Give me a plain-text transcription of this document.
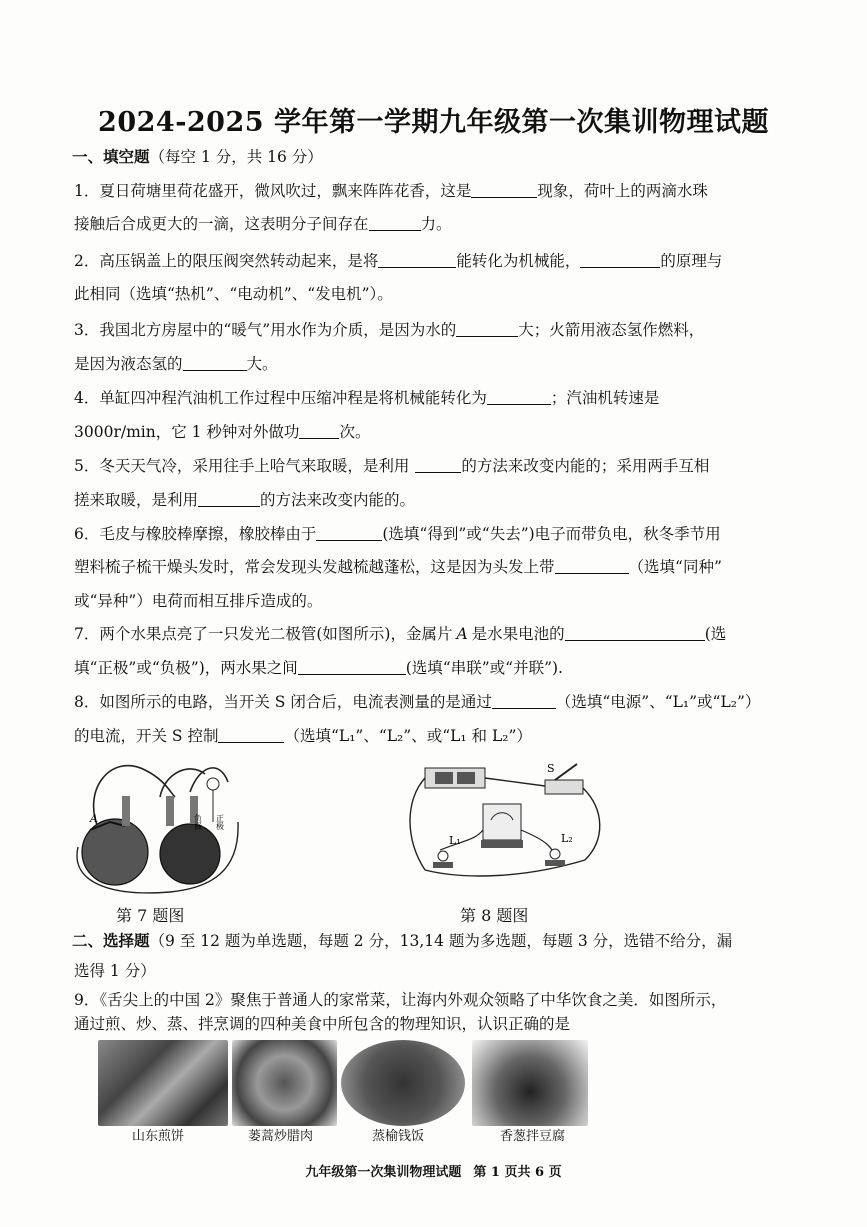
2024-2025 学年第一学期九年级第一次集训物理试题
一、填空题（每空 1 分，共 16 分）
1．夏日荷塘里荷花盛开，微风吹过，飘来阵阵花香，这是	现象，荷叶上的两滴水珠
接触后合成更大的一滴，这表明分子间存在	力。
2．高压锅盖上的限压阀突然转动起来，是将	能转化为机械能，	的原理与
此相同（选填“热机”、“电动机”、“发电机”）。
3．我国北方房屋中的“暖气”用水作为介质，是因为水的	大；火箭用液态氢作燃料，
是因为液态氢的	大。
4．单缸四冲程汽油机工作过程中压缩冲程是将机械能转化为	；汽油机转速是
3000r/min，它 1 秒钟对外做功	次。
5．冬天天气冷，采用往手上哈气来取暖，是利用	的方法来改变内能的；采用两手互相
搓来取暖，是利用	的方法来改变内能的。
6．毛皮与橡胶棒摩擦，橡胶棒由于	(选填“得到”或“失去”)电子而带负电，秋冬季节用
塑料梳子梳干燥头发时，常会发现头发越梳越蓬松，这是因为头发上带	（选填“同种”
或“异种”）电荷而相互排斥造成的。
7．两个水果点亮了一只发光二极管(如图所示)，金属片 A 是水果电池的	(选
填“正极”或“负极”)，两水果之间	(选填“串联”或“并联”).
8．如图所示的电路，当开关 S 闭合后，电流表测量的是通过	（选填“电源”、“L₁”或“L₂”）
的电流，开关 S 控制	（选填“L₁”、“L₂”、或“L₁ 和 L₂”）
A	负极 正极
第 7 题图
S
L₁	L₂
第 8 题图
二、选择题（9 至 12 题为单选题，每题 2 分，13,14 题为多选题，每题 3 分，选错不给分，漏
选得 1 分）
9．《舌尖上的中国 2》聚焦于普通人的家常菜，让海内外观众领略了中华饮食之美．如图所示，
通过煎、炒、蒸、拌烹调的四种美食中所包含的物理知识，认识正确的是
山东煎饼	蒌蒿炒腊肉	蒸榆钱饭	香葱拌豆腐
九年级第一次集训物理试题 第 1 页共 6 页
